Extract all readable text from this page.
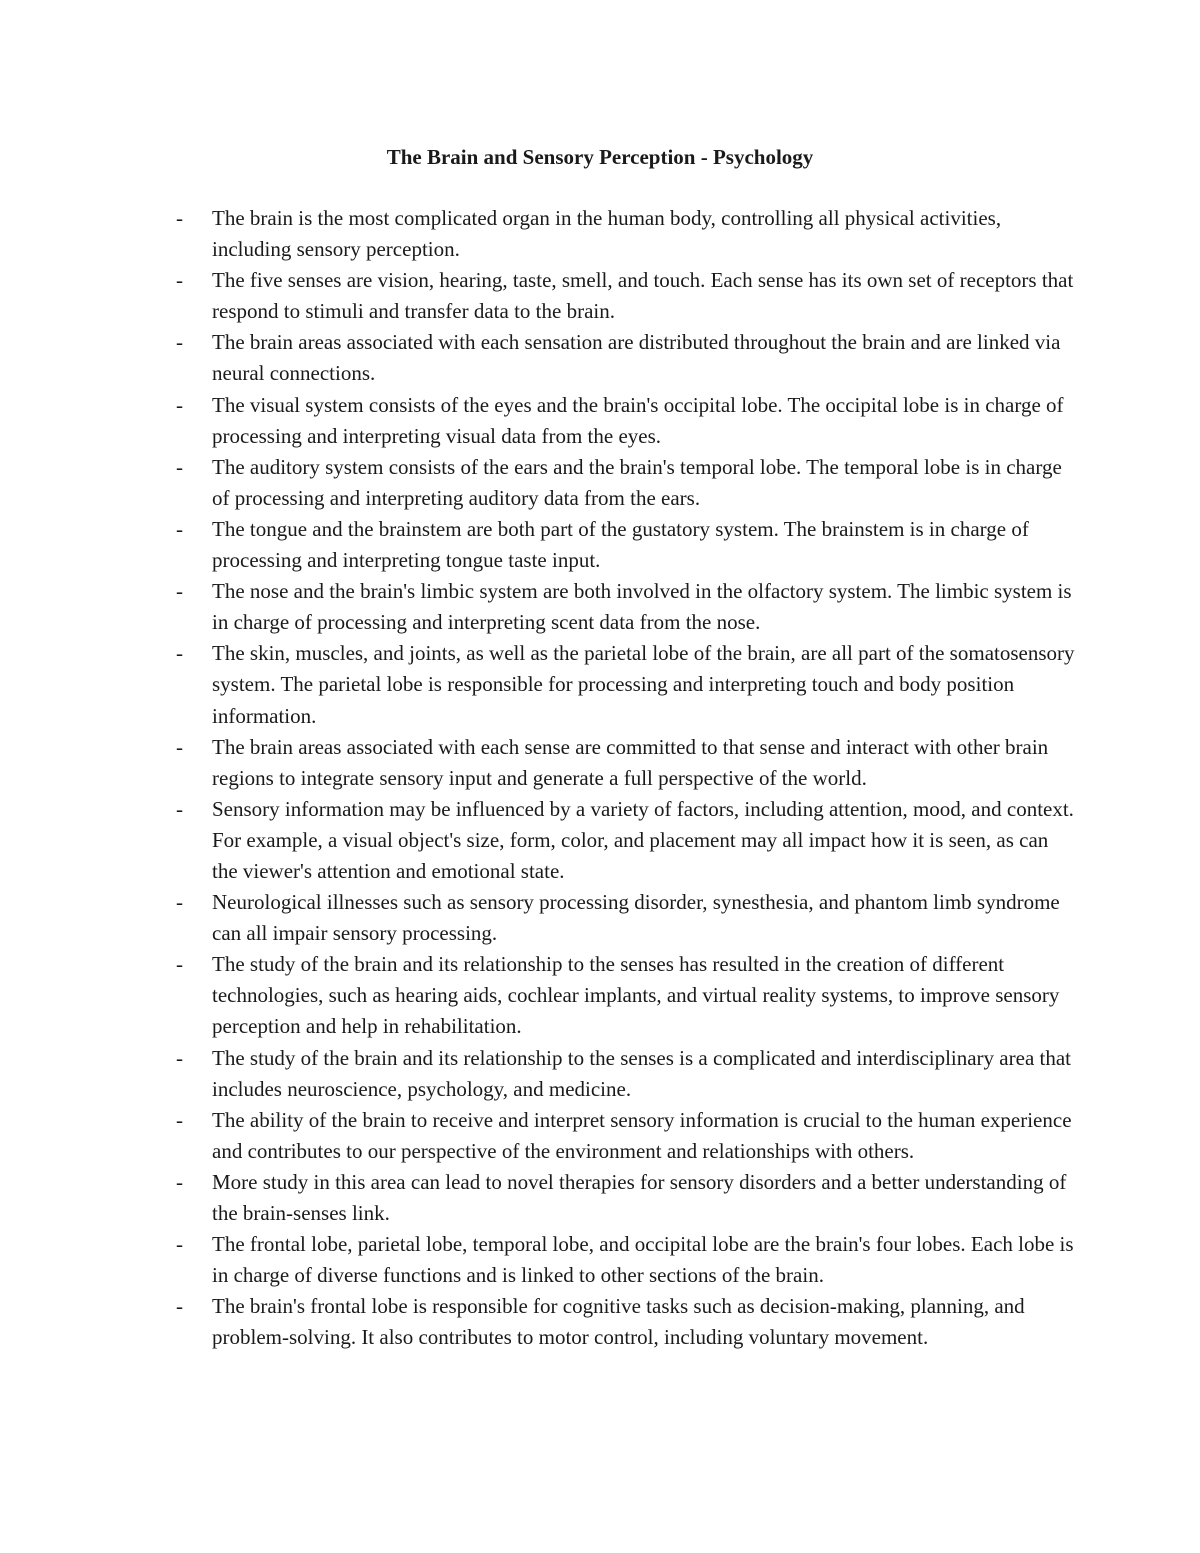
The Brain and Sensory Perception - Psychology
- The brain is the most complicated organ in the human body, controlling all physical activities, including sensory perception.
- The five senses are vision, hearing, taste, smell, and touch. Each sense has its own set of receptors that respond to stimuli and transfer data to the brain.
- The brain areas associated with each sensation are distributed throughout the brain and are linked via neural connections.
- The visual system consists of the eyes and the brain's occipital lobe. The occipital lobe is in charge of processing and interpreting visual data from the eyes.
- The auditory system consists of the ears and the brain's temporal lobe. The temporal lobe is in charge of processing and interpreting auditory data from the ears.
- The tongue and the brainstem are both part of the gustatory system. The brainstem is in charge of processing and interpreting tongue taste input.
- The nose and the brain's limbic system are both involved in the olfactory system. The limbic system is in charge of processing and interpreting scent data from the nose.
- The skin, muscles, and joints, as well as the parietal lobe of the brain, are all part of the somatosensory system. The parietal lobe is responsible for processing and interpreting touch and body position information.
- The brain areas associated with each sense are committed to that sense and interact with other brain regions to integrate sensory input and generate a full perspective of the world.
- Sensory information may be influenced by a variety of factors, including attention, mood, and context. For example, a visual object's size, form, color, and placement may all impact how it is seen, as can the viewer's attention and emotional state.
- Neurological illnesses such as sensory processing disorder, synesthesia, and phantom limb syndrome can all impair sensory processing.
- The study of the brain and its relationship to the senses has resulted in the creation of different technologies, such as hearing aids, cochlear implants, and virtual reality systems, to improve sensory perception and help in rehabilitation.
- The study of the brain and its relationship to the senses is a complicated and interdisciplinary area that includes neuroscience, psychology, and medicine.
- The ability of the brain to receive and interpret sensory information is crucial to the human experience and contributes to our perspective of the environment and relationships with others.
- More study in this area can lead to novel therapies for sensory disorders and a better understanding of the brain-senses link.
- The frontal lobe, parietal lobe, temporal lobe, and occipital lobe are the brain's four lobes. Each lobe is in charge of diverse functions and is linked to other sections of the brain.
- The brain's frontal lobe is responsible for cognitive tasks such as decision-making, planning, and problem-solving. It also contributes to motor control, including voluntary movement.
